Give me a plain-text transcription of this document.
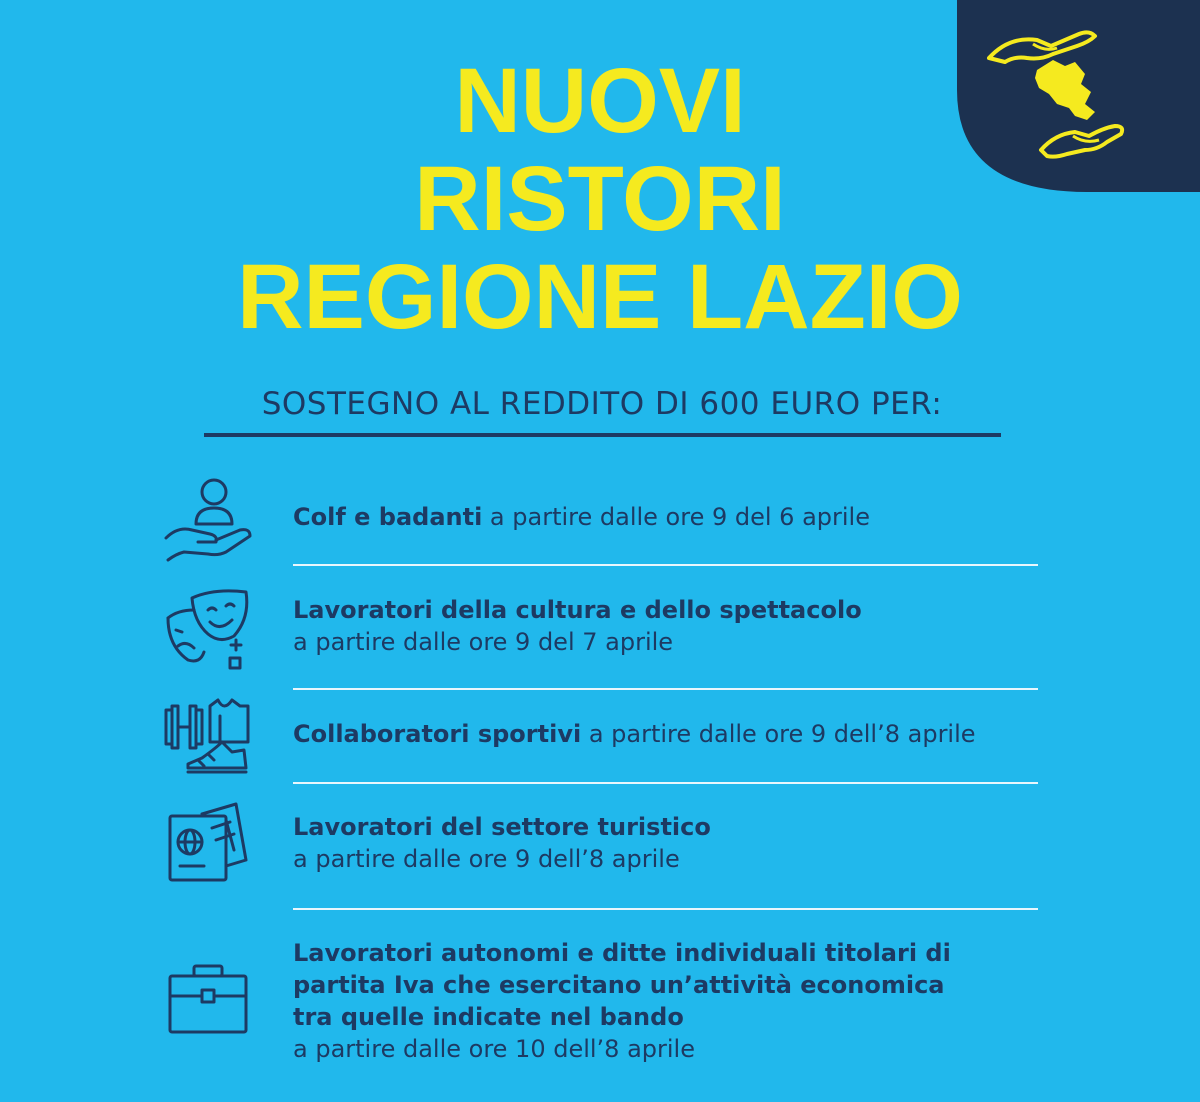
NUOVI
RISTORI
REGIONE LAZIO
SOSTEGNO AL REDDITO DI 600 EURO PER:
Colf e badanti a partire dalle ore 9 del 6 aprile
Lavoratori della cultura e dello spettacolo
a partire dalle ore 9 del 7 aprile
Collaboratori sportivi a partire dalle ore 9 dell’8 aprile
Lavoratori del settore turistico
a partire dalle ore 9 dell’8 aprile
Lavoratori autonomi e ditte individuali titolari di
partita Iva che esercitano un’attività economica
tra quelle indicate nel bando
a partire dalle ore 10 dell’8 aprile
